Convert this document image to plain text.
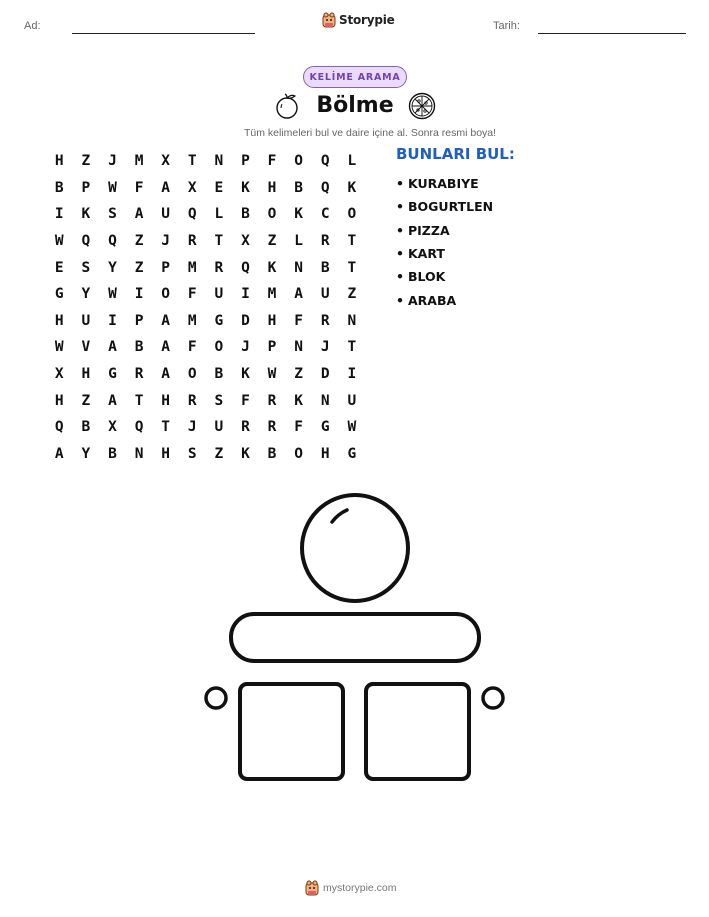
Ad:	Storypie	Tarih:
KELİME ARAMA
Bölme
Tüm kelimeleri bul ve daire içine al. Sonra resmi boya!
H	Z	J	M	X	T	N	P	F	O	Q	L
B	P	W	F	A	X	E	K	H	B	Q	K
I	K	S	A	U	Q	L	B	O	K	C	O
W	Q	Q	Z	J	R	T	X	Z	L	R	T
E	S	Y	Z	P	M	R	Q	K	N	B	T
G	Y	W	I	O	F	U	I	M	A	U	Z
H	U	I	P	A	M	G	D	H	F	R	N
W	V	A	B	A	F	O	J	P	N	J	T
X	H	G	R	A	O	B	K	W	Z	D	I
H	Z	A	T	H	R	S	F	R	K	N	U
Q	B	X	Q	T	J	U	R	R	F	G	W
A	Y	B	N	H	S	Z	K	B	O	H	G
BUNLARI BUL:
• KURABIYE
• BOGURTLEN
• PIZZA
• KART
• BLOK
• ARABA
mystorypie.com
